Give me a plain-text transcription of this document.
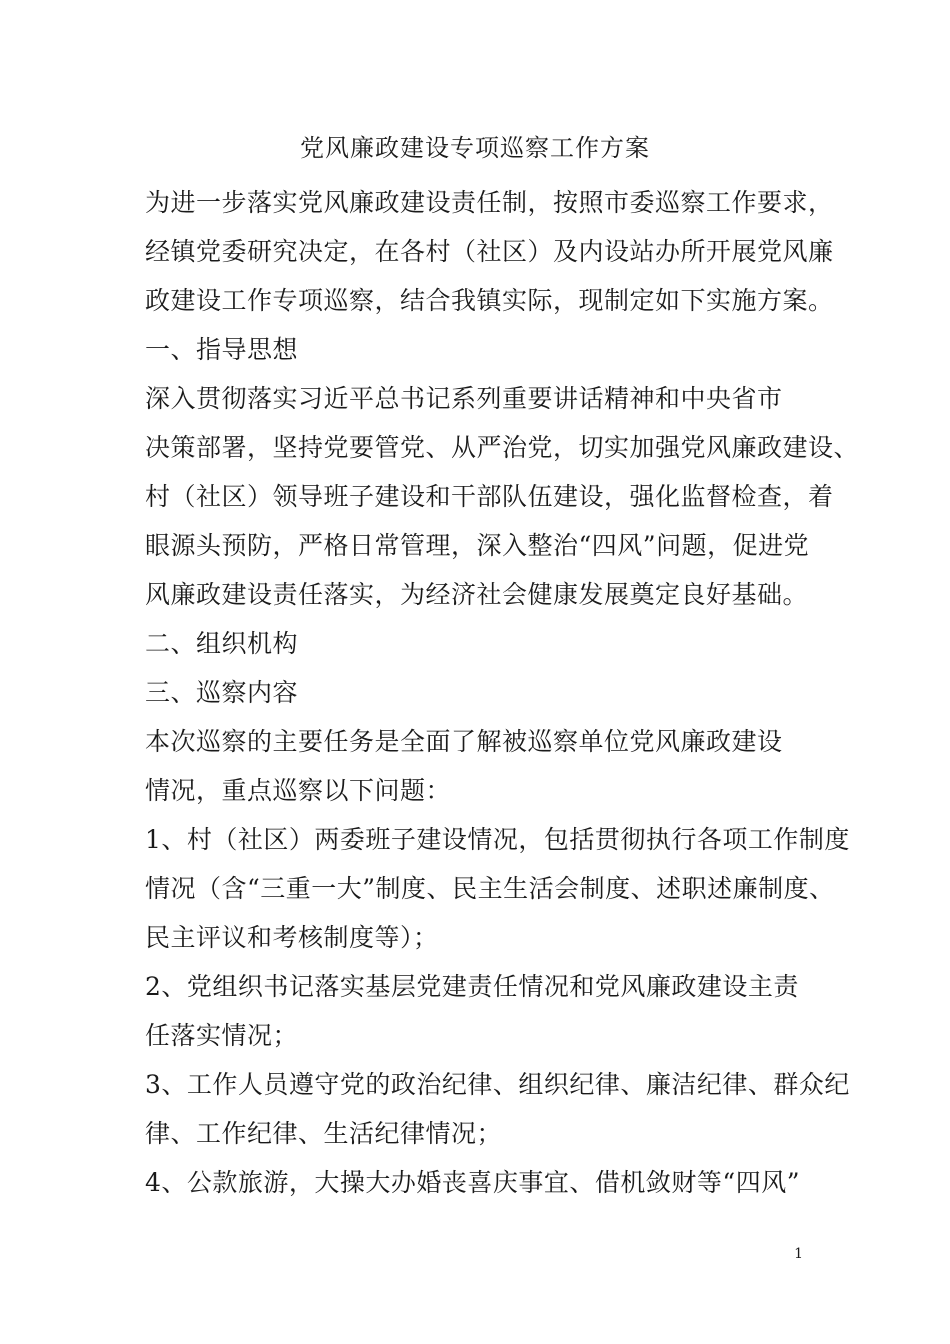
党风廉政建设专项巡察工作方案
为进一步落实党风廉政建设责任制，按照市委巡察工作要求，
经镇党委研究决定，在各村（社区）及内设站办所开展党风廉
政建设工作专项巡察，结合我镇实际，现制定如下实施方案。
一、指导思想
深入贯彻落实习近平总书记系列重要讲话精神和中央省市
决策部署，坚持党要管党、从严治党，切实加强党风廉政建设、
村（社区）领导班子建设和干部队伍建设，强化监督检查，着
眼源头预防，严格日常管理，深入整治“四风”问题，促进党
风廉政建设责任落实，为经济社会健康发展奠定良好基础。
二、组织机构
三、巡察内容
本次巡察的主要任务是全面了解被巡察单位党风廉政建设
情况，重点巡察以下问题：
1、村（社区）两委班子建设情况，包括贯彻执行各项工作制度
情况（含“三重一大”制度、民主生活会制度、述职述廉制度、
民主评议和考核制度等）；
2、党组织书记落实基层党建责任情况和党风廉政建设主责
任落实情况；
3、工作人员遵守党的政治纪律、组织纪律、廉洁纪律、群众纪
律、工作纪律、生活纪律情况；
4、公款旅游，大操大办婚丧喜庆事宜、借机敛财等“四风”
1
